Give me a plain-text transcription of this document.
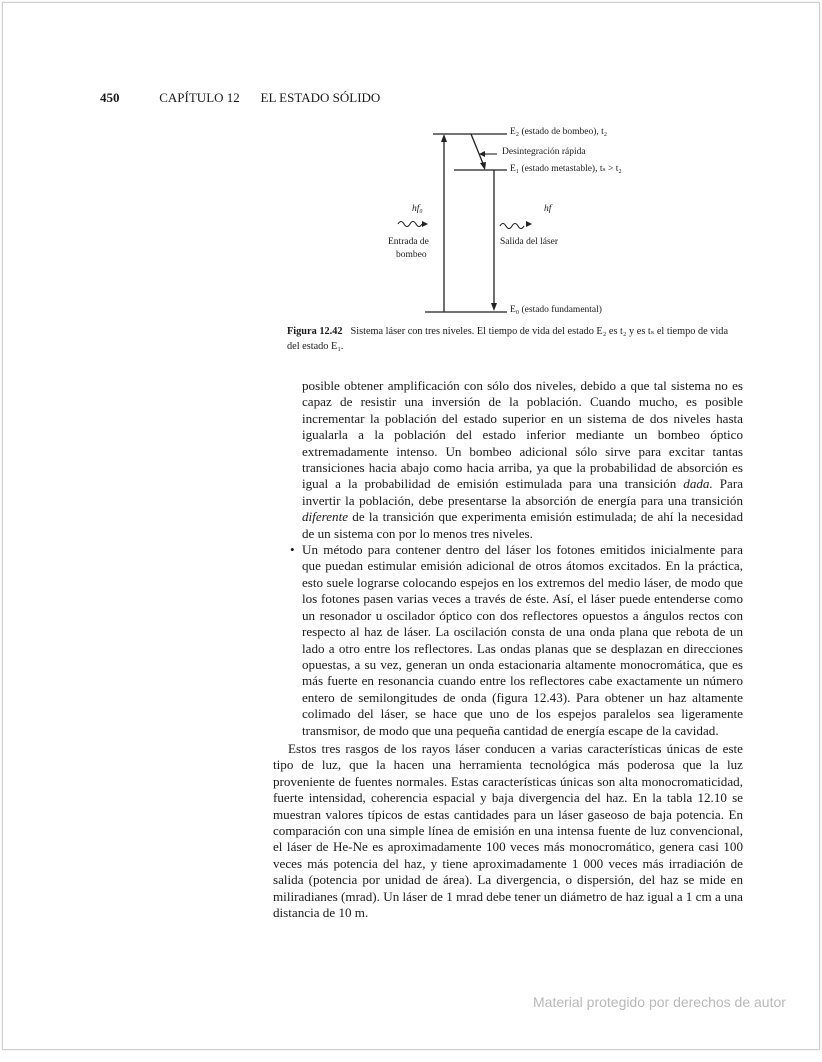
450	CAPÍTULO 12 EL ESTADO SÓLIDO
E₂ (estado de bombeo), t₂
Desintegración rápida
E₁ (estado metastable), tₛ > t₂
hf₀	hf
Entrada de
bombeo
Salida del láser
E₀ (estado fundamental)
Figura 12.42 Sistema láser con tres niveles. El tiempo de vida del estado E₂ es t₂ y es tₛ el tiempo de vida del estado E₁.

posible obtener amplificación con sólo dos niveles, debido a que tal sistema no es capaz de resistir una inversión de la población. Cuando mucho, es posible incrementar la población del estado superior en un sistema de dos niveles hasta igualarla a la población del estado inferior mediante un bombeo óptico extremadamente intenso. Un bombeo adicional sólo sirve para excitar tantas transiciones hacia abajo como hacia arriba, ya que la probabilidad de absorción es igual a la probabilidad de emisión estimulada para una transición dada. Para invertir la población, debe presentarse la absorción de energía para una transición diferente de la transición que experimenta emisión estimulada; de ahí la necesidad de un sistema con por lo menos tres niveles.

• Un método para contener dentro del láser los fotones emitidos inicialmente para que puedan estimular emisión adicional de otros átomos excitados. En la práctica, esto suele lograrse colocando espejos en los extremos del medio láser, de modo que los fotones pasen varias veces a través de éste. Así, el láser puede entenderse como un resonador u oscilador óptico con dos reflectores opuestos a ángulos rectos con respecto al haz de láser. La oscilación consta de una onda plana que rebota de un lado a otro entre los reflectores. Las ondas planas que se desplazan en direcciones opuestas, a su vez, generan un onda estacionaria altamente monocromática, que es más fuerte en resonancia cuando entre los reflectores cabe exactamente un número entero de semilongitudes de onda (figura 12.43). Para obtener un haz altamente colimado del láser, se hace que uno de los espejos paralelos sea ligeramente transmisor, de modo que una pequeña cantidad de energía escape de la cavidad.

Estos tres rasgos de los rayos láser conducen a varias características únicas de este tipo de luz, que la hacen una herramienta tecnológica más poderosa que la luz proveniente de fuentes normales. Estas características únicas son alta monocromaticidad, fuerte intensidad, coherencia espacial y baja divergencia del haz. En la tabla 12.10 se muestran valores típicos de estas cantidades para un láser gaseoso de baja potencia. En comparación con una simple línea de emisión en una intensa fuente de luz convencional, el láser de He-Ne es aproximadamente 100 veces más monocromático, genera casi 100 veces más potencia del haz, y tiene aproximadamente 1 000 veces más irradiación de salida (potencia por unidad de área). La divergencia, o dispersión, del haz se mide en miliradianes (mrad). Un láser de 1 mrad debe tener un diámetro de haz igual a 1 cm a una distancia de 10 m.

Material protegido por derechos de autor
